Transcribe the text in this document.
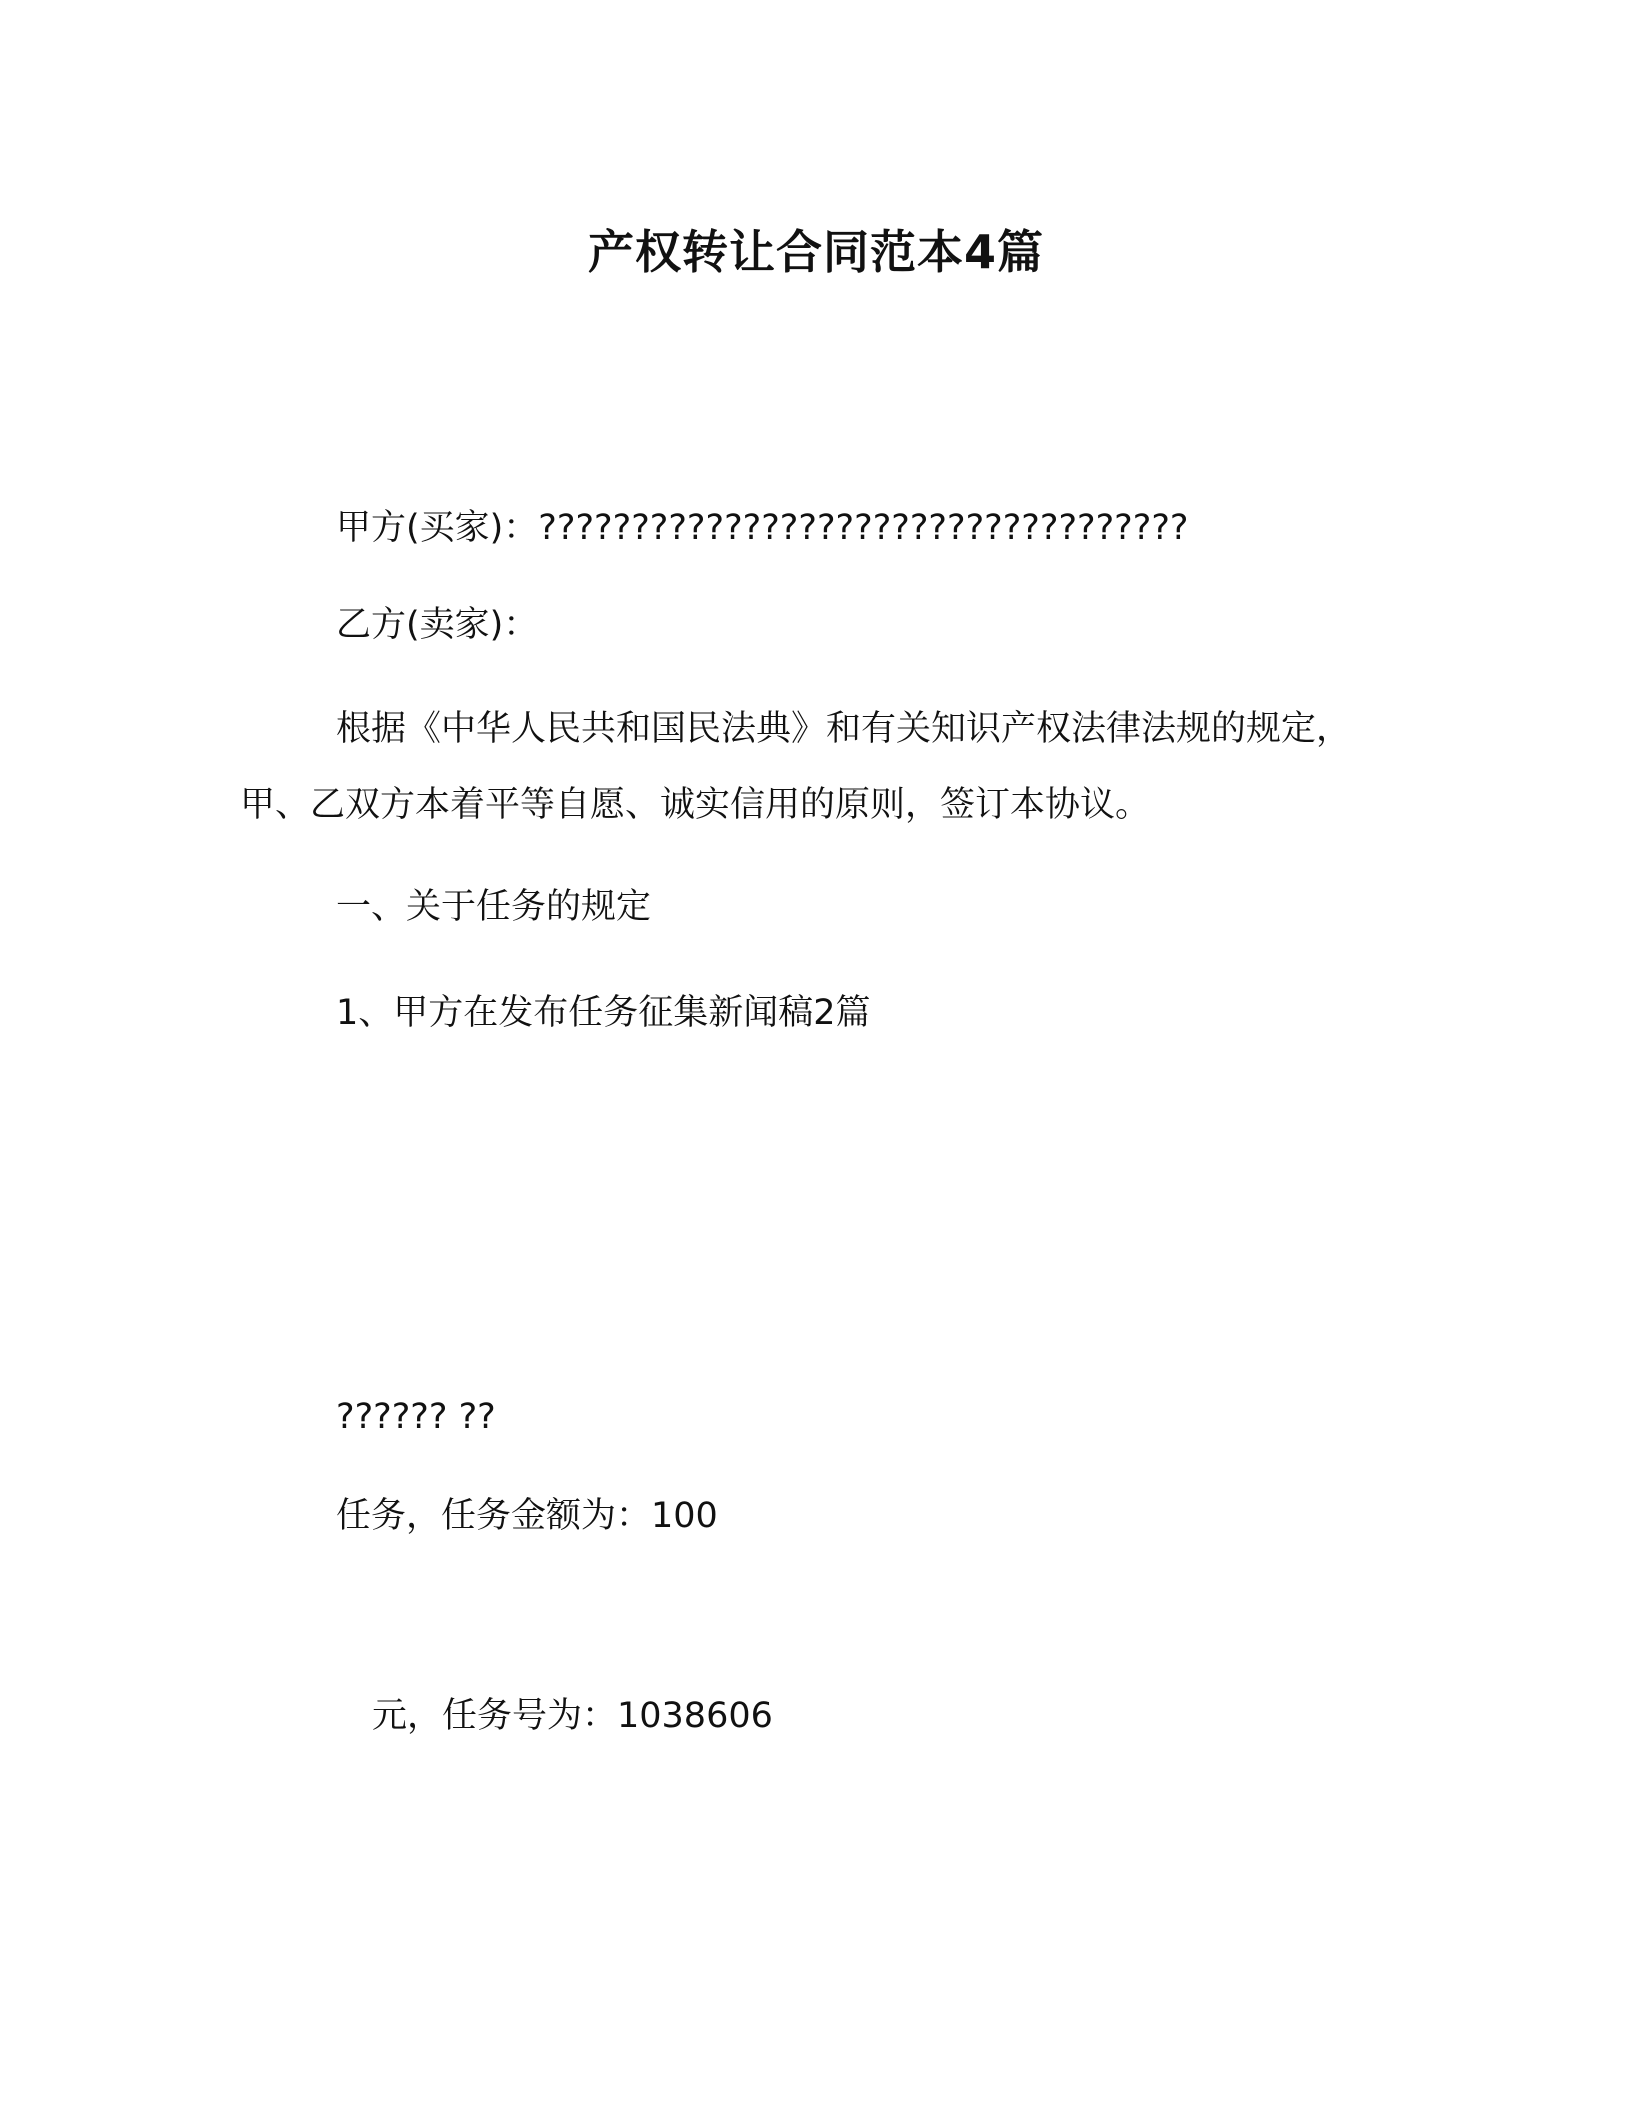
产权转让合同范本4篇
甲方(买家)：???????????????????????????????????
乙方(卖家)：
根据《中华人民共和国民法典》和有关知识产权法律法规的规定，甲、乙双方本着平等自愿、诚实信用的原则，签订本协议。
一、关于任务的规定
1、甲方在发布任务征集新闻稿2篇
?????? ??
任务，任务金额为：100
元，任务号为：1038606
